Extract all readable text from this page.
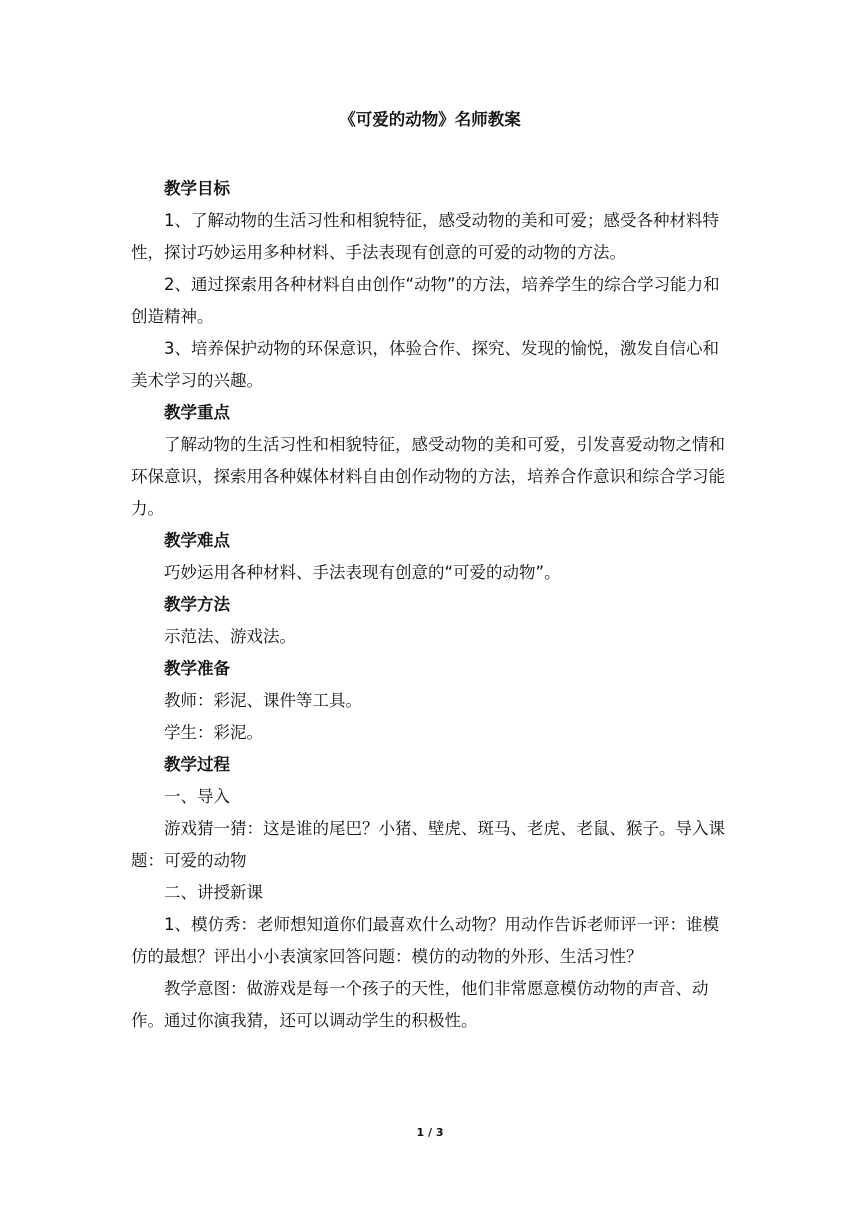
《可爱的动物》名师教案

教学目标

1、了解动物的生活习性和相貌特征，感受动物的美和可爱；感受各种材料特性，探讨巧妙运用多种材料、手法表现有创意的可爱的动物的方法。

2、通过探索用各种材料自由创作“动物”的方法，培养学生的综合学习能力和创造精神。

3、培养保护动物的环保意识，体验合作、探究、发现的愉悦，激发自信心和美术学习的兴趣。

教学重点

了解动物的生活习性和相貌特征，感受动物的美和可爱，引发喜爱动物之情和环保意识，探索用各种媒体材料自由创作动物的方法，培养合作意识和综合学习能力。

教学难点

巧妙运用各种材料、手法表现有创意的“可爱的动物”。

教学方法

示范法、游戏法。

教学准备

教师：彩泥、课件等工具。

学生：彩泥。

教学过程

一、导入

游戏猜一猜：这是谁的尾巴？小猪、壁虎、斑马、老虎、老鼠、猴子。导入课题：可爱的动物

二、讲授新课

1、模仿秀：老师想知道你们最喜欢什么动物？用动作告诉老师评一评：谁模仿的最想？评出小小表演家回答问题：模仿的动物的外形、生活习性？

教学意图：做游戏是每一个孩子的天性，他们非常愿意模仿动物的声音、动作。通过你演我猜，还可以调动学生的积极性。

1 / 3
